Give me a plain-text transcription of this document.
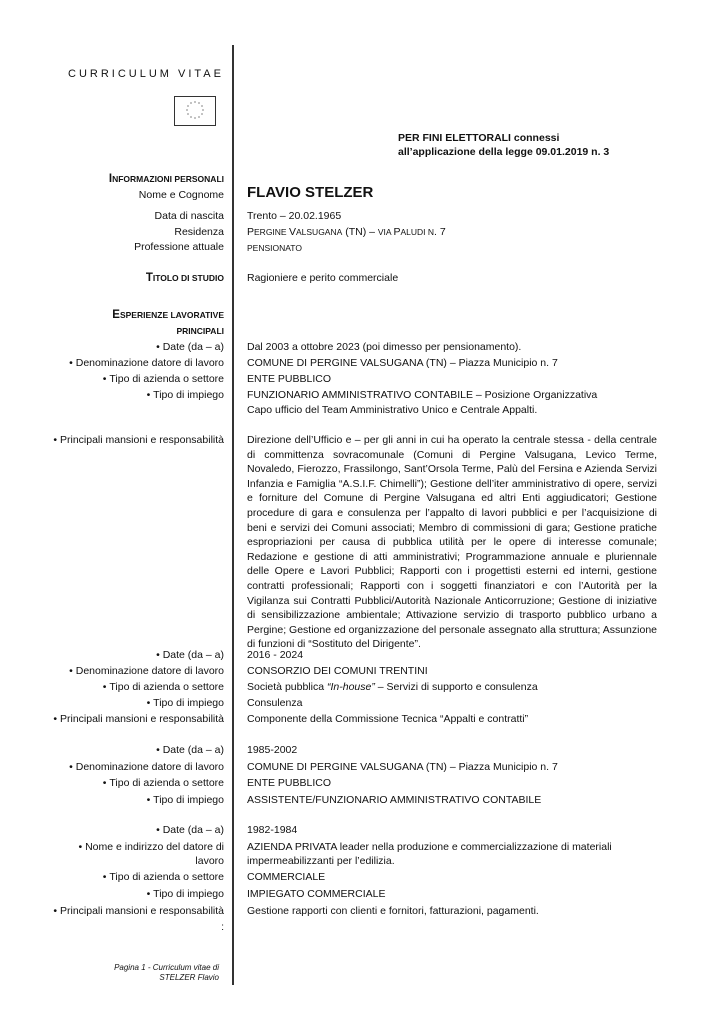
CURRICULUM VITAE
* *
*
*
*
*
*
*
*
*
*
*
PER FINI ELETTORALI connessi
all’applicazione della legge 09.01.2019 n. 3
INFORMAZIONI PERSONALI
Nome e Cognome FLAVIO STELZER
Data di nascita Trento – 20.02.1965
Residenza PERGINE VALSUGANA (TN) – VIA PALUDI N. 7
Professione attuale	PENSIONATO
TITOLO DI STUDIO Ragioniere e perito commerciale
ESPERIENZE LAVORATIVE
PRINCIPALI
• Date (da – a) Dal 2003 a ottobre 2023 (poi dimesso per pensionamento).
• Denominazione datore di lavoro COMUNE DI PERGINE VALSUGANA (TN) – Piazza Municipio n. 7
• Tipo di azienda o settore ENTE PUBBLICO
• Tipo di impiego FUNZIONARIO AMMINISTRATIVO CONTABILE – Posizione Organizzativa
Capo ufficio del Team Amministrativo Unico e Centrale Appalti.
• Principali mansioni e responsabilità Direzione dell’Ufficio e – per gli anni in cui ha operato la centrale stessa - della centrale di committenza sovracomunale (Comuni di Pergine Valsugana, Levico Terme, Novaledo, Fierozzo, Frassilongo, Sant’Orsola Terme, Palù del Fersina e Azienda Servizi Infanzia e Famiglia “A.S.I.F. Chimelli”); Gestione dell’iter amministrativo di opere, servizi e forniture del Comune di Pergine Valsugana ed altri Enti aggiudicatori; Gestione procedure di gara e consulenza per l’appalto di lavori pubblici e per l’acquisizione di beni e servizi dei Comuni associati; Membro di commissioni di gara; Gestione pratiche espropriazioni per causa di pubblica utilità per le opere di interesse comunale; Redazione e gestione di atti amministrativi; Programmazione annuale e pluriennale delle Opere e Lavori Pubblici; Rapporti con i progettisti esterni ed interni, gestione contratti professionali; Rapporti con i soggetti finanziatori e con l’Autorità per la Vigilanza sui Contratti Pubblici/Autorità Nazionale Anticorruzione; Gestione di iniziative di sensibilizzazione ambientale; Attivazione servizio di trasporto pubblico urbano a Pergine; Gestione ed organizzazione del personale assegnato alla struttura; Assunzione di funzioni di “Sostituto del Dirigente”.
• Date (da – a) 2016 - 2024
• Denominazione datore di lavoro CONSORZIO DEI COMUNI TRENTINI
• Tipo di azienda o settore Società pubblica “In-house” – Servizi di supporto e consulenza
• Tipo di impiego Consulenza
• Principali mansioni e responsabilità Componente della Commissione Tecnica “Appalti e contratti”
• Date (da – a) 1985-2002
• Denominazione datore di lavoro COMUNE DI PERGINE VALSUGANA (TN) – Piazza Municipio n. 7
• Tipo di azienda o settore ENTE PUBBLICO
• Tipo di impiego ASSISTENTE/FUNZIONARIO AMMINISTRATIVO CONTABILE
• Date (da – a) 1982-1984
• Nome e indirizzo del datore di
lavoro
AZIENDA PRIVATA leader nella produzione e commercializzazione di materiali
impermeabilizzanti per l’edilizia.
• Tipo di azienda o settore COMMERCIALE
• Tipo di impiego IMPIEGATO COMMERCIALE
• Principali mansioni e responsabilità Gestione rapporti con clienti e fornitori, fatturazioni, pagamenti.
:
Pagina 1 - Curriculum vitae di
STELZER Flavio
